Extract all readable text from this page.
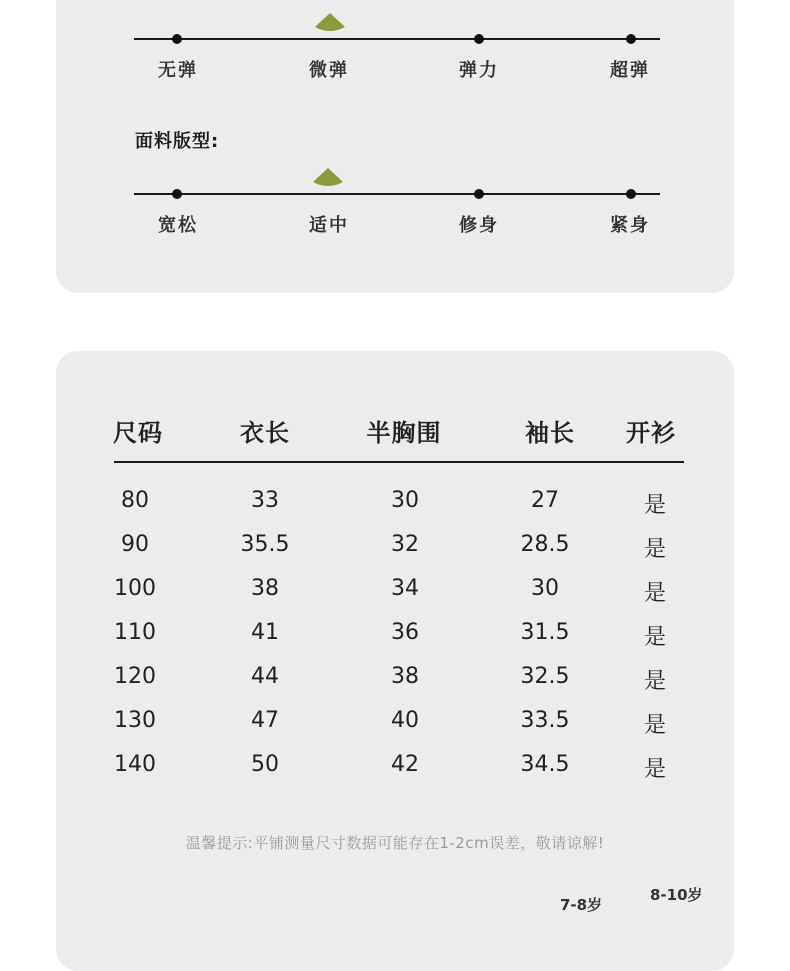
无弹	微弹	弹力	超弹
面料版型:
宽松	适中	修身	紧身
尺码	衣长	半胸围	袖长	开衫
80	33	30	27	是
90	35.5	32	28.5	是
100	38	34	30	是
110	41	36	31.5	是
120	44	38	32.5	是
130	47	40	33.5	是
140	50	42	34.5	是
温馨提示:平铺测量尺寸数据可能存在1-2cm误差，敬请谅解!
7-8岁
8-10岁
